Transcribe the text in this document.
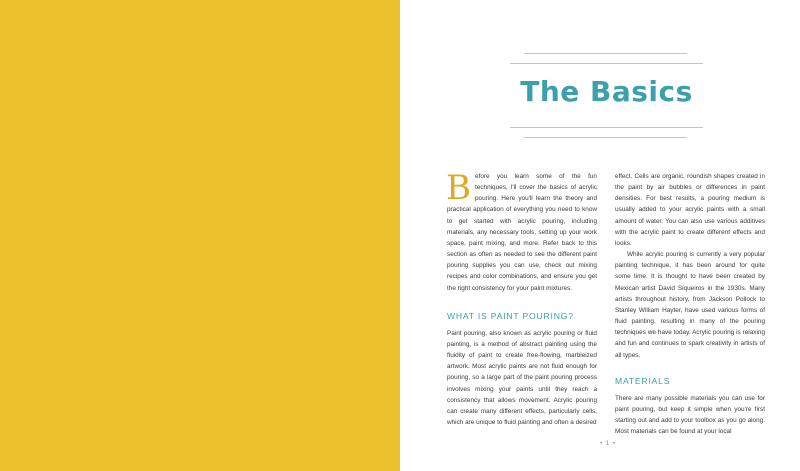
The Basics

Before you learn some of the fun techniques, I'll cover the basics of acrylic pouring. Here you'll learn the theory and practical application of everything you need to know to get started with acrylic pouring, including materials, any necessary tools, setting up your work space, paint mixing, and more. Refer back to this section as often as needed to see the different paint pouring supplies you can use, check out mixing recipes and color combinations, and ensure you get the right consistency for your paint mixtures.

WHAT IS PAINT POURING?

Paint pouring, also known as acrylic pouring or fluid painting, is a method of abstract painting using the fluidity of paint to create free-flowing, marbleized artwork. Most acrylic paints are not fluid enough for pouring, so a large part of the paint pouring process involves mixing your paints until they reach a consistency that allows movement. Acrylic pouring can create many different effects, particularly cells, which are unique to fluid painting and often a desired

effect. Cells are organic, roundish shapes created in the paint by air bubbles or differences in paint densities. For best results, a pouring medium is usually added to your acrylic paints with a small amount of water. You can also use various additives with the acrylic paint to create different effects and looks.

While acrylic pouring is currently a very popular painting technique, it has been around for quite some time. It is thought to have been created by Mexican artist David Siqueiros in the 1930s. Many artists throughout history, from Jackson Pollock to Stanley William Hayter, have used various forms of fluid painting, resulting in many of the pouring techniques we have today. Acrylic pouring is relaxing and fun and continues to spark creativity in artists of all types.

MATERIALS

There are many possible materials you can use for paint pouring, but keep it simple when you're first starting out and add to your toolbox as you go along. Most materials can be found at your local

• 1 •
